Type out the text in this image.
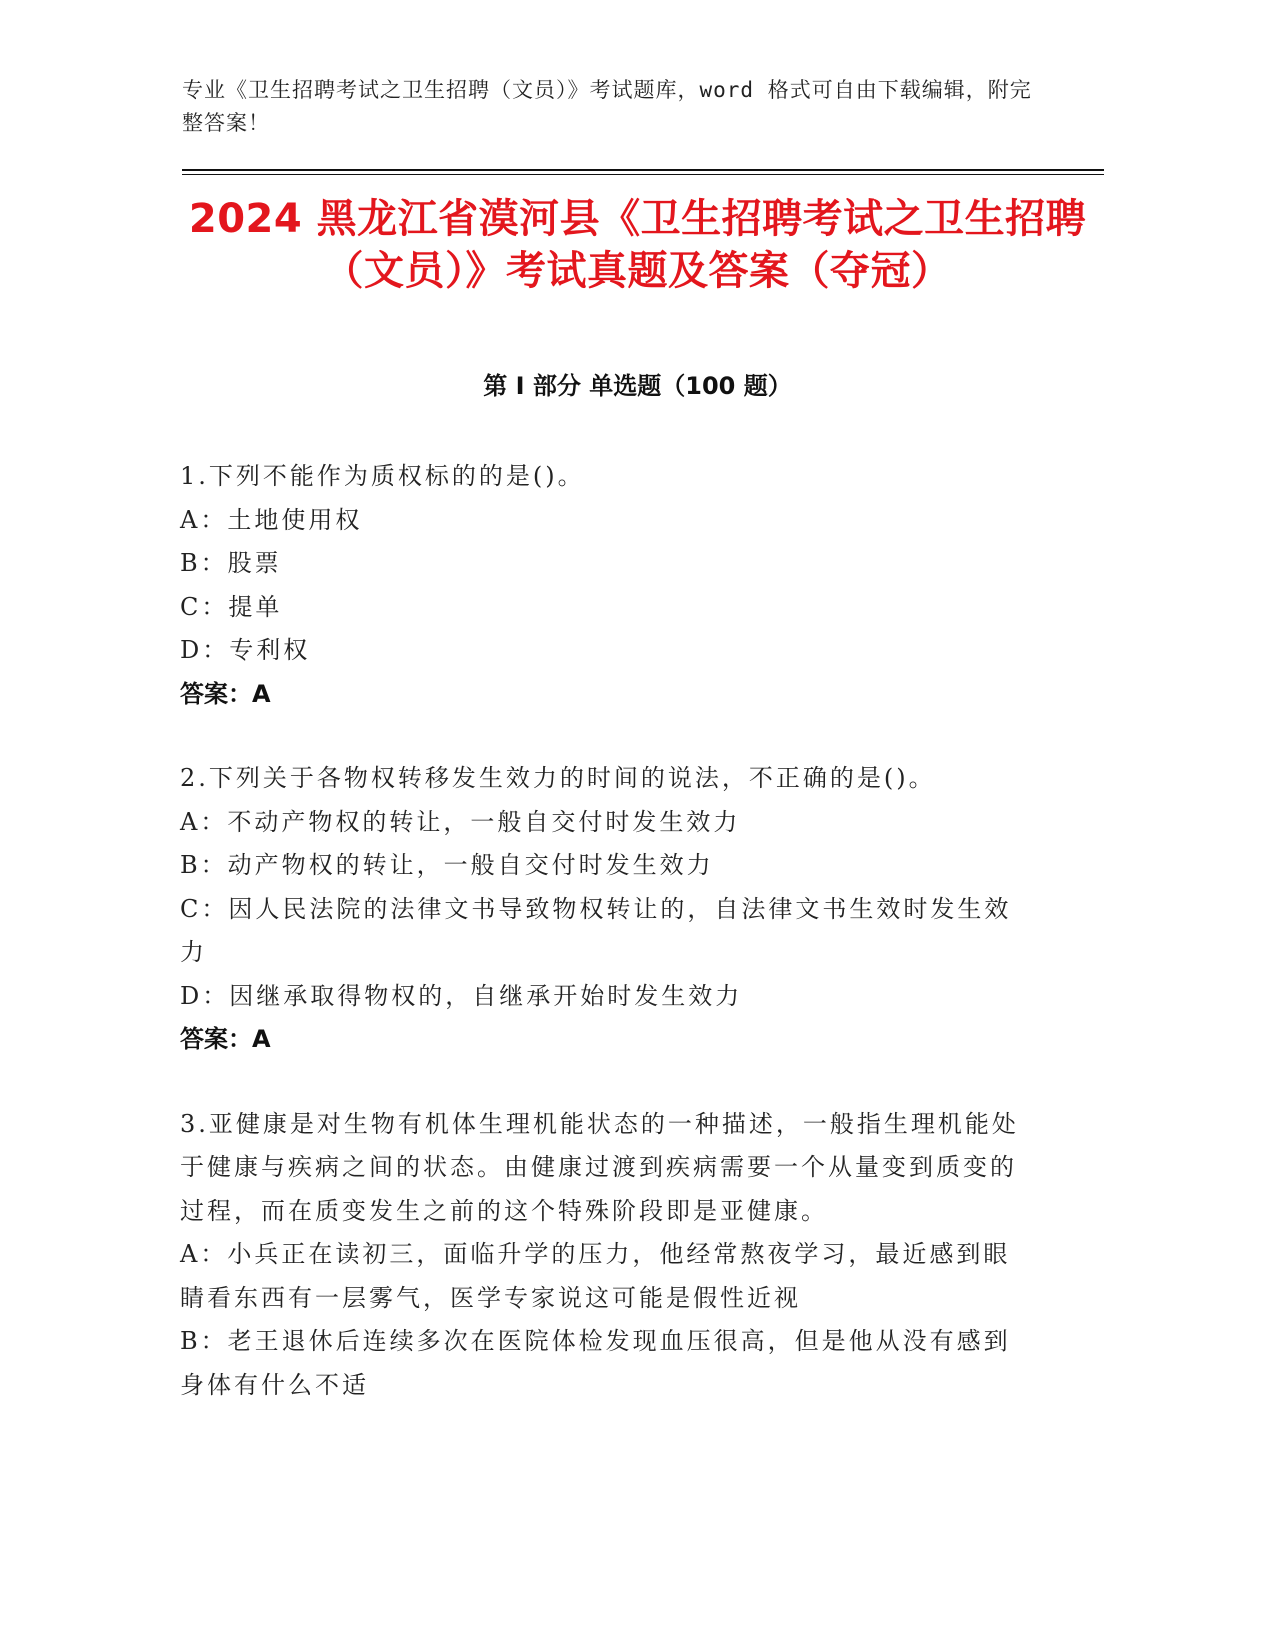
专业《卫生招聘考试之卫生招聘（文员）》考试题库，word 格式可自由下载编辑，附完整答案！
2024 黑龙江省漠河县《卫生招聘考试之卫生招聘（文员）》考试真题及答案（夺冠）
第 I 部分 单选题（100 题）
1.下列不能作为质权标的的是()。
A：土地使用权
B：股票
C：提单
D：专利权
答案：A
2.下列关于各物权转移发生效力的时间的说法，不正确的是()。
A：不动产物权的转让，一般自交付时发生效力
B：动产物权的转让，一般自交付时发生效力
C：因人民法院的法律文书导致物权转让的，自法律文书生效时发生效力
D：因继承取得物权的，自继承开始时发生效力
答案：A
3.亚健康是对生物有机体生理机能状态的一种描述，一般指生理机能处于健康与疾病之间的状态。由健康过渡到疾病需要一个从量变到质变的过程，而在质变发生之前的这个特殊阶段即是亚健康。
A：小兵正在读初三，面临升学的压力，他经常熬夜学习，最近感到眼睛看东西有一层雾气，医学专家说这可能是假性近视
B：老王退休后连续多次在医院体检发现血压很高，但是他从没有感到身体有什么不适
